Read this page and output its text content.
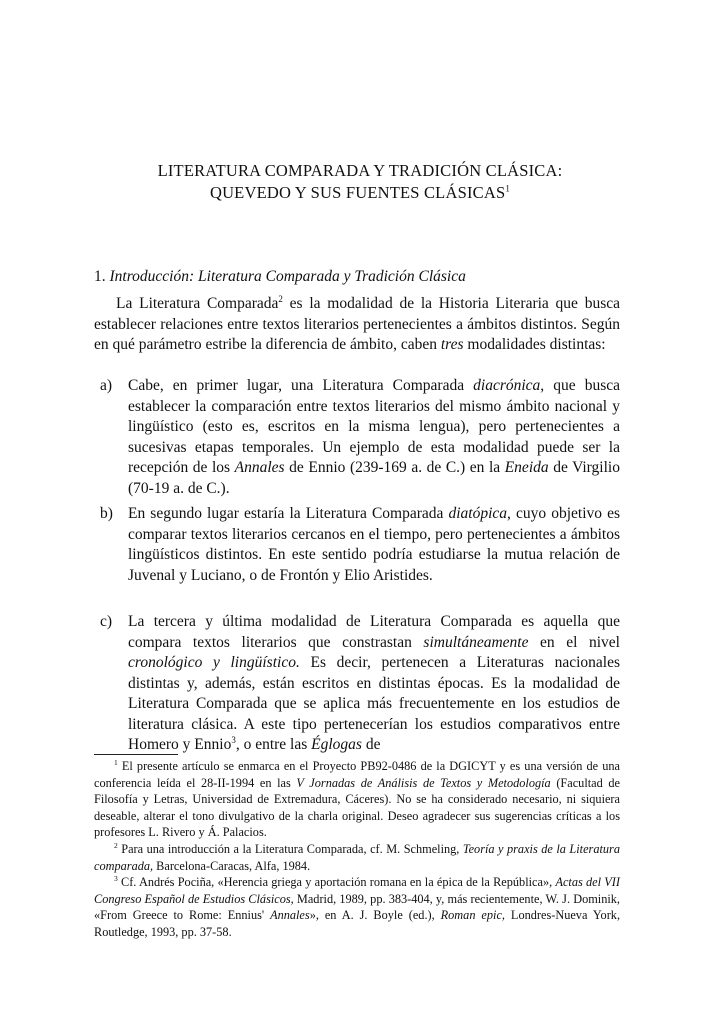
LITERATURA COMPARADA Y TRADICIÓN CLÁSICA:
QUEVEDO Y SUS FUENTES CLÁSICAS$^1$
1. Introducción: Literatura Comparada y Tradición Clásica
La Literatura Comparada$^2$ es la modalidad de la Historia Literaria que busca establecer relaciones entre textos literarios pertenecientes a ámbitos distintos. Según en qué parámetro estribe la diferencia de ámbito, caben tres modalidades distintas:
a)	Cabe, en primer lugar, una Literatura Comparada diacrónica, que busca establecer la comparación entre textos literarios del mismo ámbito nacional y lingüístico (esto es, escritos en la misma lengua), pero pertenecientes a sucesivas etapas temporales. Un ejemplo de esta modalidad puede ser la recepción de los Annales de Ennio (239-169 a. de C.) en la Eneida de Virgilio (70-19 a. de C.).
b) En segundo lugar estaría la Literatura Comparada diatópica, cuyo objetivo es comparar textos literarios cercanos en el tiempo, pero pertenecientes a ámbitos lingüísticos distintos. En este sentido podría estudiarse la mutua relación de Juvenal y Luciano, o de Frontón y Elio Aristides.
c)	La tercera y última modalidad de Literatura Comparada es aquella que compara textos literarios que constrastan simultáneamente en el nivel cronológico y lingüístico. Es decir, pertenecen a Literaturas nacionales distintas y, además, están escritos en distintas épocas. Es la modalidad de Literatura Comparada que se aplica más frecuentemente en los estudios de literatura clásica. A este tipo pertenecerían los estudios comparativos entre Homero y Ennio$^3$, o entre las Églogas de

$^1$ El presente artículo se enmarca en el Proyecto PB92-0486 de la DGICYT y es una versión de una conferencia leída el 28-II-1994 en las V Jornadas de Análisis de Textos y Metodología (Facultad de Filosofía y Letras, Universidad de Extremadura, Cáceres). No se ha considerado necesario, ni siquiera deseable, alterar el tono divulgativo de la charla original. Deseo agradecer sus sugerencias críticas a los profesores L. Rivero y Á. Palacios.

$^2$ Para una introducción a la Literatura Comparada, cf. M. Schmeling, Teoría y praxis de la Literatura comparada, Barcelona-Caracas, Alfa, 1984.

$^3$ Cf. Andrés Pociña, «Herencia griega y aportación romana en la épica de la República», Actas del VII Congreso Español de Estudios Clásicos, Madrid, 1989, pp. 383-404, y, más recientemente, W. J. Dominik, «From Greece to Rome: Ennius' Annales», en A. J. Boyle (ed.), Roman epic, Londres-Nueva York, Routledge, 1993, pp. 37-58.
